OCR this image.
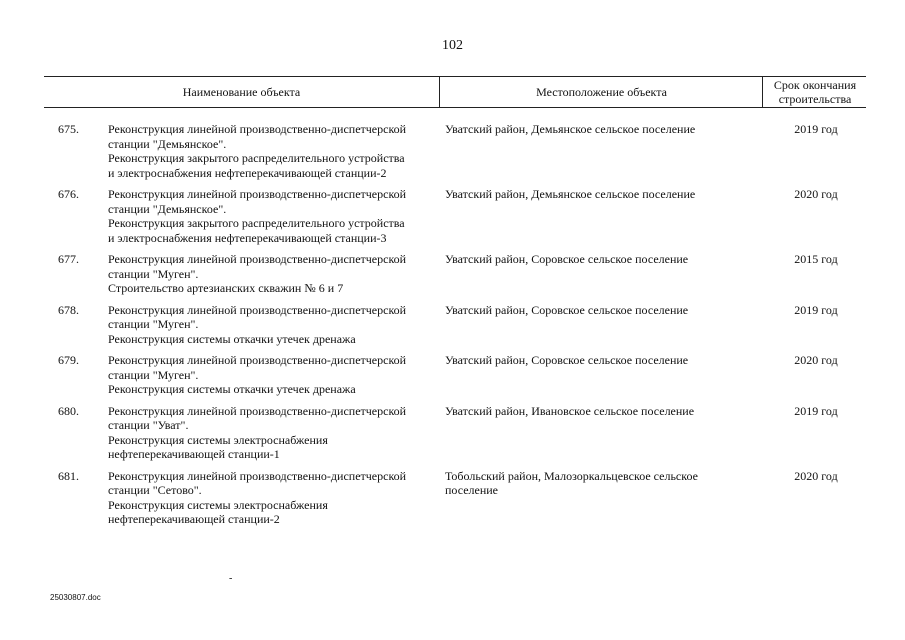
102
Наименование объекта	Местоположение объекта	Срок окончания
строительства
675.	Реконструкция линейной производственно-диспетчерской
станции "Демьянское".
Реконструкция закрытого распределительного устройства
и электроснабжения нефтеперекачивающей станции-2
Уватский район, Демьянское сельское поселение	2019 год
676.	Реконструкция линейной производственно-диспетчерской
станции "Демьянское".
Реконструкция закрытого распределительного устройства
и электроснабжения нефтеперекачивающей станции-3
Уватский район, Демьянское сельское поселение	2020 год
677.	Реконструкция линейной производственно-диспетчерской
станции "Муген".
Строительство артезианских скважин № 6 и 7
Уватский район, Соровское сельское поселение	2015 год
678.	Реконструкция линейной производственно-диспетчерской
станции "Муген".
Реконструкция системы откачки утечек дренажа
Уватский район, Соровское сельское поселение	2019 год
679.	Реконструкция линейной производственно-диспетчерской
станции "Муген".
Реконструкция системы откачки утечек дренажа
Уватский район, Соровское сельское поселение	2020 год
680.	Реконструкция линейной производственно-диспетчерской
станции "Уват".
Реконструкция системы электроснабжения
нефтеперекачивающей станции-1
Уватский район, Ивановское сельское поселение	2019 год
681.	Реконструкция линейной производственно-диспетчерской
станции "Сетово".
Реконструкция системы электроснабжения
нефтеперекачивающей станции-2
Тобольский район, Малозоркальцевское сельское поселение
2020 год
-
25030807.doc
